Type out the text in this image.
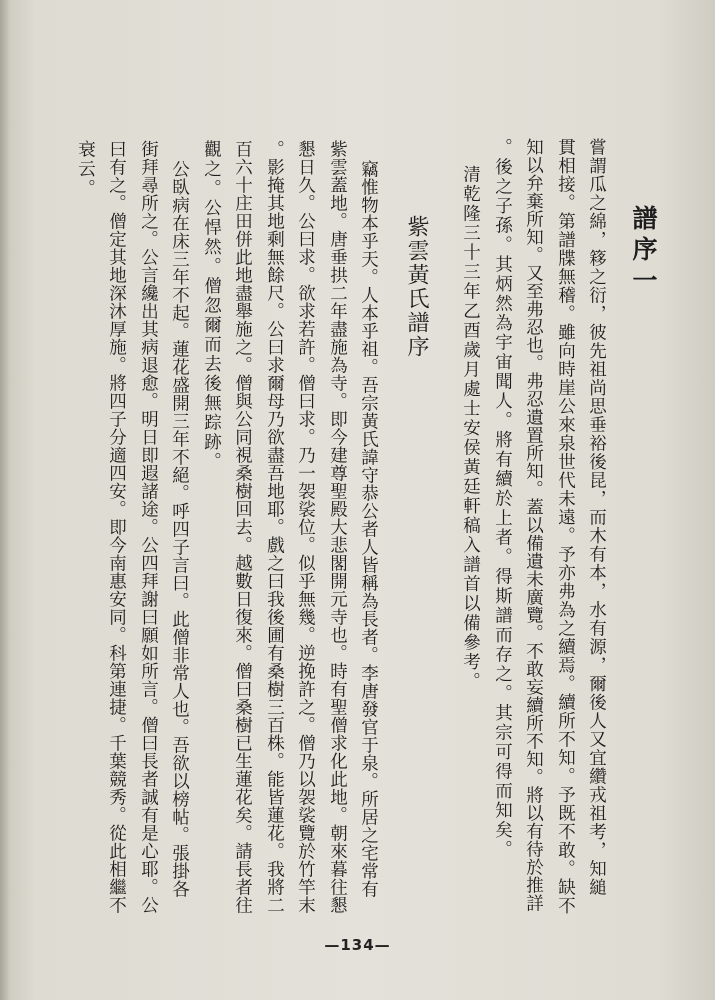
譜序一
嘗謂瓜之綿，簃之衍，彼先祖尚思垂裕後昆，而木有本，水有源，爾後人又宜纘戎祖考，知縋
貫相接。第譜牒無稽。雖向時崖公來泉世代未遠。予亦弗為之續焉。續所不知。予既不敢。缺不
知以弁棄所知。又至弗忍也。弗忍遺置所知。蓋以備遺未廣覽。不敢妄續所不知。將以有待於推詳
。後之子孫。其炳然為宇宙聞人。將有續於上者。得斯譜而存之。其宗可得而知矣。
清乾隆三十三年乙酉歲月處士安侯黃廷軒稿入譜首以備參考。
紫雲黃氏譜序
竊惟物本乎天。人本乎祖。吾宗黃氏諱守恭公者人皆稱為長者。李唐發官于泉。所居之宅常有
紫雲蓋地。唐垂拱二年盡施為寺。即今建尊聖殿大悲閣開元寺也。時有聖僧求化此地。朝來暮往懇
懇日久。公曰求。欲求若許。僧曰求。乃一袈裟位。似乎無幾。逆挽許之。僧乃以袈裟覽於竹竿末
。影掩其地剩無餘尺。公曰求爾母乃欲盡吾地耶。戲之曰我後圃有桑樹三百株。能皆蓮花。我將二
百六十庄田併此地盡舉施之。僧與公同視桑樹回去。越數日復來。僧曰桑樹已生蓮花矣。請長者往
觀之。公悍然。僧忽爾而去後無踪跡。
公臥病在床三年不起。蓮花盛開三年不絕。呼四子言曰。此僧非常人也。吾欲以榜帖。張掛各
街拜尋所之。公言纔出其病退愈。明日即遐諸途。公四拜謝曰願如所言。僧曰長者誠有是心耶。公
曰有之。僧定其地深沐厚施。將四子分適四安。即今南惠安同。科第連捷。千葉競秀。從此相繼不
衰云。
—134—
